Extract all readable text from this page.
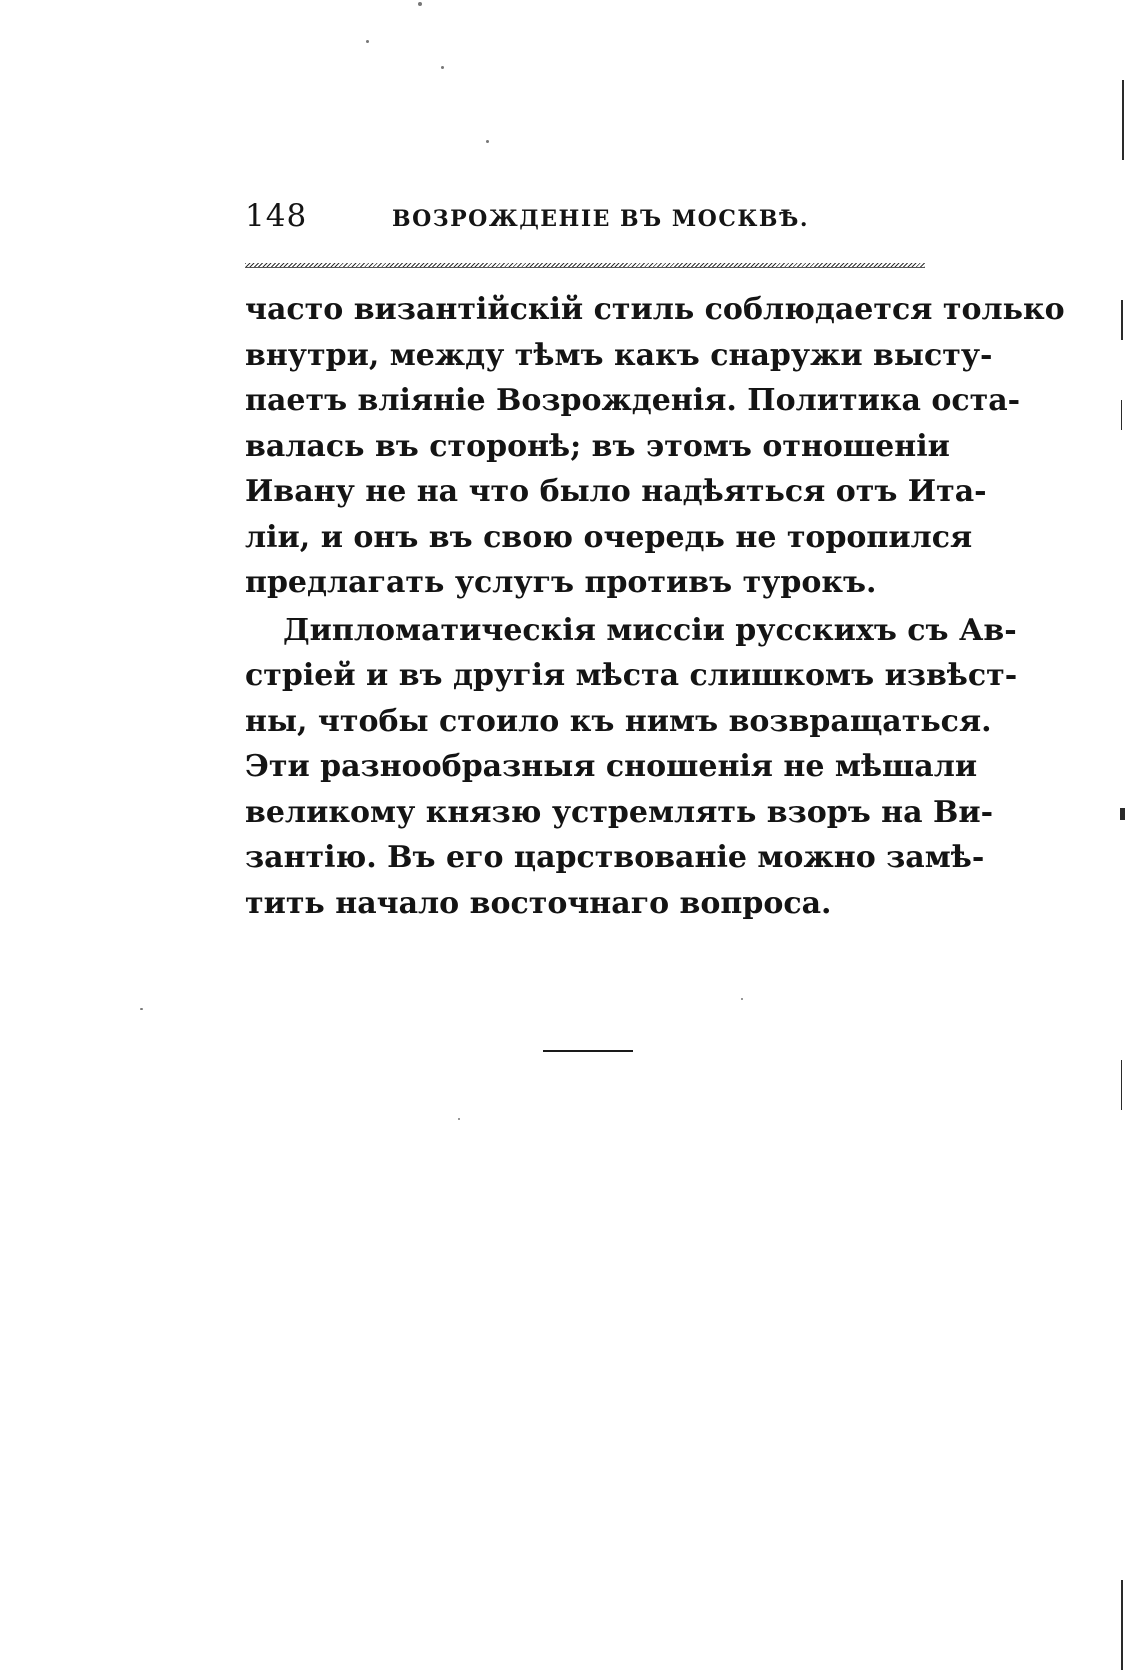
148	ВОЗРОЖДЕНIE ВЪ МОСКВѢ.
часто византiйскiй стиль соблюдается только
внутри, между тѣмъ какъ снаружи высту-
паетъ влiянiе Возрожденiя. Политика оста-
валась въ сторонѣ; въ этомъ отношенiи
Ивану не на что было надѣяться отъ Ита-
лiи, и онъ въ свою очередь не торопился
предлагать услугъ противъ турокъ.
Дипломатическiя миссiи русскихъ съ Ав-
стрiей и въ другiя мѣста слишкомъ извѣст-
ны, чтобы стоило къ нимъ возвращаться.
Эти разнообразныя сношенiя не мѣшали
великому князю устремлять взоръ на Ви-
зантiю. Въ его царствованiе можно замѣ-
тить начало восточнаго вопроса.
